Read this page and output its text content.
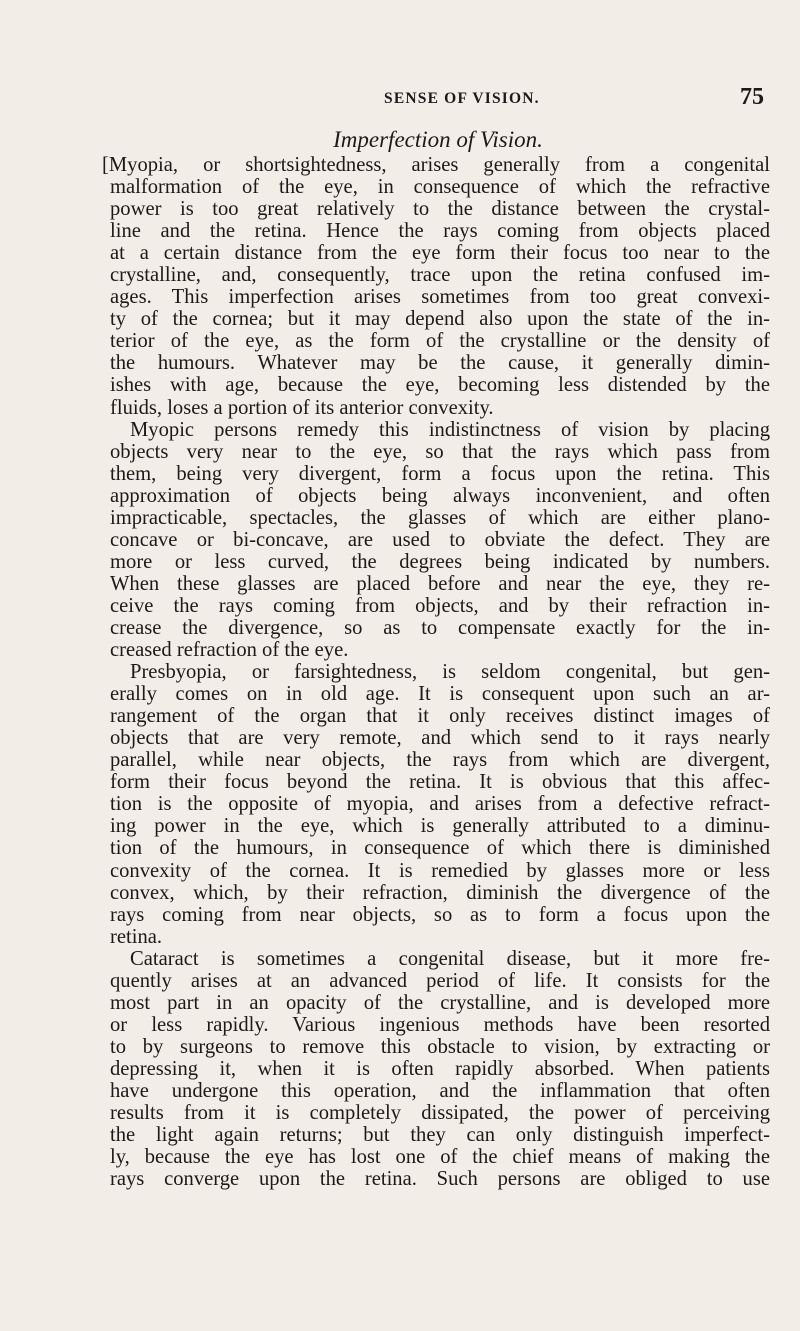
SENSE OF VISION.	75
Imperfection of Vision.
[Myopia, or shortsightedness, arises generally from a congenital
malformation of the eye, in consequence of which the refractive
power is too great relatively to the distance between the crystal-
line and the retina. Hence the rays coming from objects placed
at a certain distance from the eye form their focus too near to the
crystalline, and, consequently, trace upon the retina confused im-
ages. This imperfection arises sometimes from too great convexi-
ty of the cornea; but it may depend also upon the state of the in-
terior of the eye, as the form of the crystalline or the density of
the humours. Whatever may be the cause, it generally dimin-
ishes with age, because the eye, becoming less distended by the
fluids, loses a portion of its anterior convexity.
Myopic persons remedy this indistinctness of vision by placing
objects very near to the eye, so that the rays which pass from
them, being very divergent, form a focus upon the retina. This
approximation of objects being always inconvenient, and often
impracticable, spectacles, the glasses of which are either plano-
concave or bi-concave, are used to obviate the defect. They are
more or less curved, the degrees being indicated by numbers.
When these glasses are placed before and near the eye, they re-
ceive the rays coming from objects, and by their refraction in-
crease the divergence, so as to compensate exactly for the in-
creased refraction of the eye.
Presbyopia, or farsightedness, is seldom congenital, but gen-
erally comes on in old age. It is consequent upon such an ar-
rangement of the organ that it only receives distinct images of
objects that are very remote, and which send to it rays nearly
parallel, while near objects, the rays from which are divergent,
form their focus beyond the retina. It is obvious that this affec-
tion is the opposite of myopia, and arises from a defective refract-
ing power in the eye, which is generally attributed to a diminu-
tion of the humours, in consequence of which there is diminished
convexity of the cornea. It is remedied by glasses more or less
convex, which, by their refraction, diminish the divergence of the
rays coming from near objects, so as to form a focus upon the
retina.
Cataract is sometimes a congenital disease, but it more fre-
quently arises at an advanced period of life. It consists for the
most part in an opacity of the crystalline, and is developed more
or less rapidly. Various ingenious methods have been resorted
to by surgeons to remove this obstacle to vision, by extracting or
depressing it, when it is often rapidly absorbed. When patients
have undergone this operation, and the inflammation that often
results from it is completely dissipated, the power of perceiving
the light again returns; but they can only distinguish imperfect-
ly, because the eye has lost one of the chief means of making the
rays converge upon the retina. Such persons are obliged to use
